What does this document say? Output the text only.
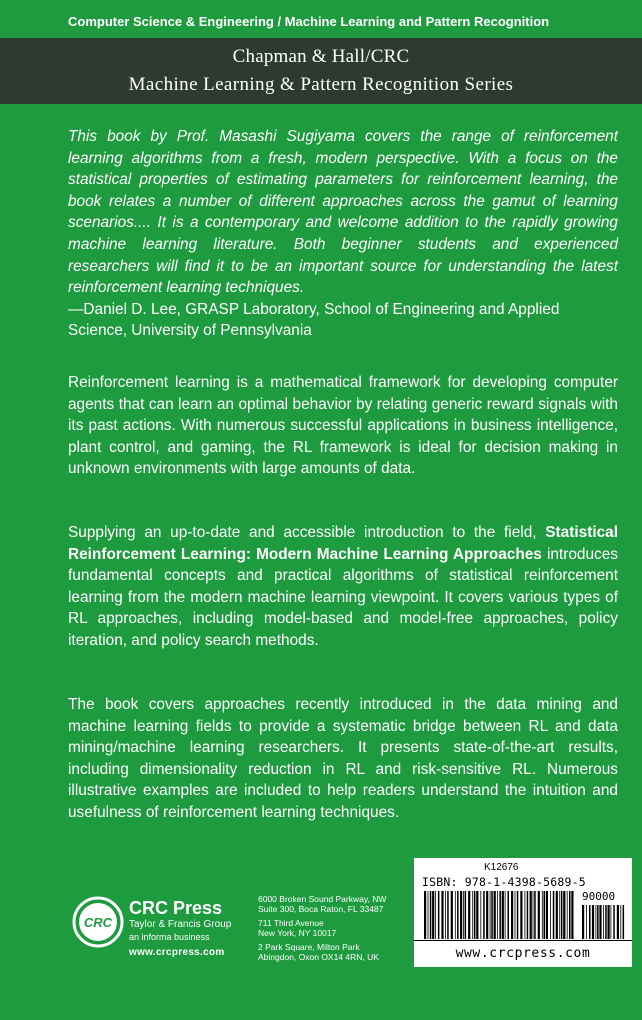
Computer Science & Engineering / Machine Learning and Pattern Recognition
Chapman & Hall/CRC
Machine Learning & Pattern Recognition Series

This book by Prof. Masashi Sugiyama covers the range of reinforcement learning algorithms from a fresh, modern perspective. With a focus on the statistical properties of estimating parameters for reinforcement learning, the book relates a number of different approaches across the gamut of learning scenarios.... It is a contemporary and welcome addition to the rapidly growing machine learning literature. Both beginner students and experienced researchers will find it to be an important source for understanding the latest reinforcement learning techniques.

—Daniel D. Lee, GRASP Laboratory, School of Engineering and Applied Science, University of Pennsylvania

Reinforcement learning is a mathematical framework for developing computer agents that can learn an optimal behavior by relating generic reward signals with its past actions. With numerous successful applications in business intelligence, plant control, and gaming, the RL framework is ideal for decision making in unknown environments with large amounts of data.

Supplying an up-to-date and accessible introduction to the field, Statistical Reinforcement Learning: Modern Machine Learning Approaches introduces fundamental concepts and practical algorithms of statistical reinforcement learning from the modern machine learning viewpoint. It covers various types of RL approaches, including model-based and model-free approaches, policy iteration, and policy search methods.

The book covers approaches recently introduced in the data mining and machine learning fields to provide a systematic bridge between RL and data mining/machine learning researchers. It presents state-of-the-art results, including dimensionality reduction in RL and risk-sensitive RL. Numerous illustrative examples are included to help readers understand the intuition and usefulness of reinforcement learning techniques.

CRC
CRC Press
Taylor & Francis Group
an informa business
www.crcpress.com
6000 Broken Sound Parkway, NW
Suite 300, Boca Raton, FL 33487
711 Third Avenue
New York, NY 10017
2 Park Square, Milton Park
Abingdon, Oxon OX14 4RN, UK
K12676
ISBN: 978-1-4398-5689-5
90000
www.crcpress.com
